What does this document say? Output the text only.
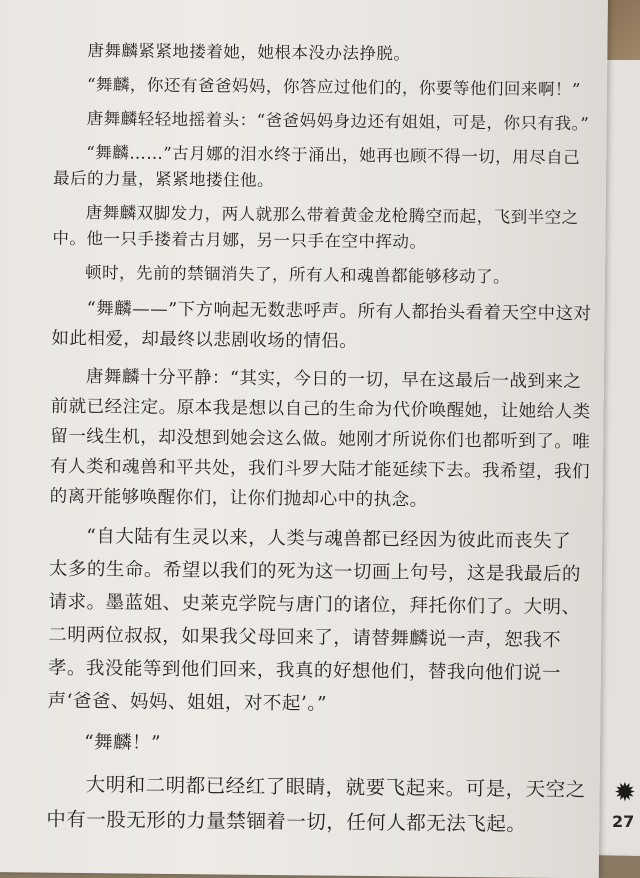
唐舞麟紧紧地搂着她，她根本没办法挣脱。

“舞麟，你还有爸爸妈妈，你答应过他们的，你要等他们回来啊！”

唐舞麟轻轻地摇着头：“爸爸妈妈身边还有姐姐，可是，你只有我。”

“舞麟……”古月娜的泪水终于涌出，她再也顾不得一切，用尽自己最后的力量，紧紧地搂住他。

唐舞麟双脚发力，两人就那么带着黄金龙枪腾空而起，飞到半空之中。他一只手搂着古月娜，另一只手在空中挥动。

顿时，先前的禁锢消失了，所有人和魂兽都能够移动了。

“舞麟——”下方响起无数悲呼声。所有人都抬头看着天空中这对如此相爱，却最终以悲剧收场的情侣。

唐舞麟十分平静：“其实，今日的一切，早在这最后一战到来之前就已经注定。原本我是想以自己的生命为代价唤醒她，让她给人类留一线生机，却没想到她会这么做。她刚才所说你们也都听到了。唯有人类和魂兽和平共处，我们斗罗大陆才能延续下去。我希望，我们的离开能够唤醒你们，让你们抛却心中的执念。

“自大陆有生灵以来，人类与魂兽都已经因为彼此而丧失了太多的生命。希望以我们的死为这一切画上句号，这是我最后的请求。墨蓝姐、史莱克学院与唐门的诸位，拜托你们了。大明、二明两位叔叔，如果我父母回来了，请替舞麟说一声，恕我不孝。我没能等到他们回来，我真的好想他们，替我向他们说一声‘爸爸、妈妈、姐姐，对不起’。”

“舞麟！”

大明和二明都已经红了眼睛，就要飞起来。可是，天空之中有一股无形的力量禁锢着一切，任何人都无法飞起。

✹
27
